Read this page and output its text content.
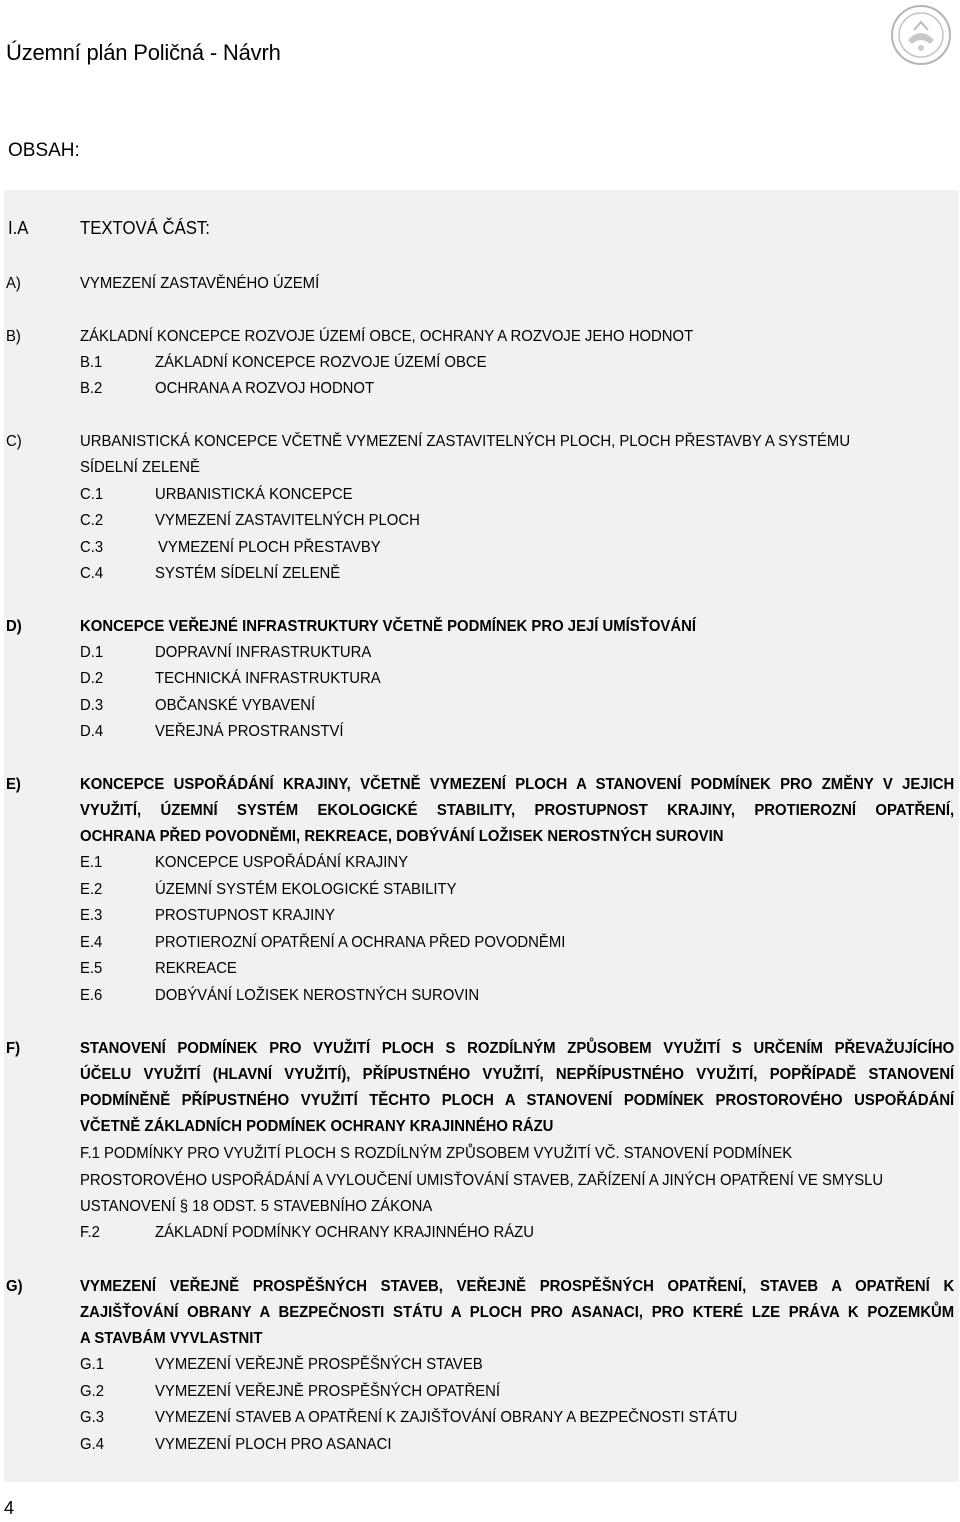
Územní plán Poličná - Návrh
OBSAH:
I.A	TEXTOVÁ ČÁST:
A)	VYMEZENÍ ZASTAVĚNÉHO ÚZEMÍ
B)	ZÁKLADNÍ KONCEPCE ROZVOJE ÚZEMÍ OBCE, OCHRANY A ROZVOJE JEHO HODNOT
B.1	ZÁKLADNÍ KONCEPCE ROZVOJE ÚZEMÍ OBCE
B.2	OCHRANA A ROZVOJ HODNOT
C)	URBANISTICKÁ KONCEPCE VČETNĚ VYMEZENÍ ZASTAVITELNÝCH PLOCH, PLOCH PŘESTAVBY A SYSTÉMU
SÍDELNÍ ZELENĚ
C.1	URBANISTICKÁ KONCEPCE
C.2	VYMEZENÍ ZASTAVITELNÝCH PLOCH
C.3	VYMEZENÍ PLOCH PŘESTAVBY
C.4	SYSTÉM SÍDELNÍ ZELENĚ
D)	KONCEPCE VEŘEJNÉ INFRASTRUKTURY VČETNĚ PODMÍNEK PRO JEJÍ UMÍSŤOVÁNÍ
D.1	DOPRAVNÍ INFRASTRUKTURA
D.2	TECHNICKÁ INFRASTRUKTURA
D.3	OBČANSKÉ VYBAVENÍ
D.4	VEŘEJNÁ PROSTRANSTVÍ
E)	KONCEPCE USPOŘÁDÁNÍ KRAJINY, VČETNĚ VYMEZENÍ PLOCH A STANOVENÍ PODMÍNEK PRO ZMĚNY V JEJICH
VYUŽITÍ, ÚZEMNÍ SYSTÉM EKOLOGICKÉ STABILITY, PROSTUPNOST KRAJINY, PROTIEROZNÍ OPATŘENÍ,
OCHRANA PŘED POVODNĚMI, REKREACE, DOBÝVÁNÍ LOŽISEK NEROSTNÝCH SUROVIN
E.1	KONCEPCE USPOŘÁDÁNÍ KRAJINY
E.2	ÚZEMNÍ SYSTÉM EKOLOGICKÉ STABILITY
E.3	PROSTUPNOST KRAJINY
E.4	PROTIEROZNÍ OPATŘENÍ A OCHRANA PŘED POVODNĚMI
E.5	REKREACE
E.6	DOBÝVÁNÍ LOŽISEK NEROSTNÝCH SUROVIN
F)	STANOVENÍ PODMÍNEK PRO VYUŽITÍ PLOCH S ROZDÍLNÝM ZPŮSOBEM VYUŽITÍ S URČENÍM PŘEVAŽUJÍCÍHO
ÚČELU VYUŽITÍ (HLAVNÍ VYUŽITÍ), PŘÍPUSTNÉHO VYUŽITÍ, NEPŘÍPUSTNÉHO VYUŽITÍ, POPŘÍPADĚ STANOVENÍ
PODMÍNĚNĚ PŘÍPUSTNÉHO VYUŽITÍ TĚCHTO PLOCH A STANOVENÍ PODMÍNEK PROSTOROVÉHO USPOŘÁDÁNÍ
VČETNĚ ZÁKLADNÍCH PODMÍNEK OCHRANY KRAJINNÉHO RÁZU
F.1 PODMÍNKY PRO VYUŽITÍ PLOCH S ROZDÍLNÝM ZPŮSOBEM VYUŽITÍ VČ. STANOVENÍ PODMÍNEK
PROSTOROVÉHO USPOŘÁDÁNÍ A VYLOUČENÍ UMISŤOVÁNÍ STAVEB, ZAŘÍZENÍ A JINÝCH OPATŘENÍ VE SMYSLU
USTANOVENÍ § 18 ODST. 5 STAVEBNÍHO ZÁKONA
F.2	ZÁKLADNÍ PODMÍNKY OCHRANY KRAJINNÉHO RÁZU
G)	VYMEZENÍ VEŘEJNĚ PROSPĚŠNÝCH STAVEB, VEŘEJNĚ PROSPĚŠNÝCH OPATŘENÍ, STAVEB A OPATŘENÍ K
ZAJIŠŤOVÁNÍ OBRANY A BEZPEČNOSTI STÁTU A PLOCH PRO ASANACI, PRO KTERÉ LZE PRÁVA K POZEMKŮM
A STAVBÁM VYVLASTNIT
G.1	VYMEZENÍ VEŘEJNĚ PROSPĚŠNÝCH STAVEB
G.2	VYMEZENÍ VEŘEJNĚ PROSPĚŠNÝCH OPATŘENÍ
G.3	VYMEZENÍ STAVEB A OPATŘENÍ K ZAJIŠŤOVÁNÍ OBRANY A BEZPEČNOSTI STÁTU
G.4	VYMEZENÍ PLOCH PRO ASANACI
4
